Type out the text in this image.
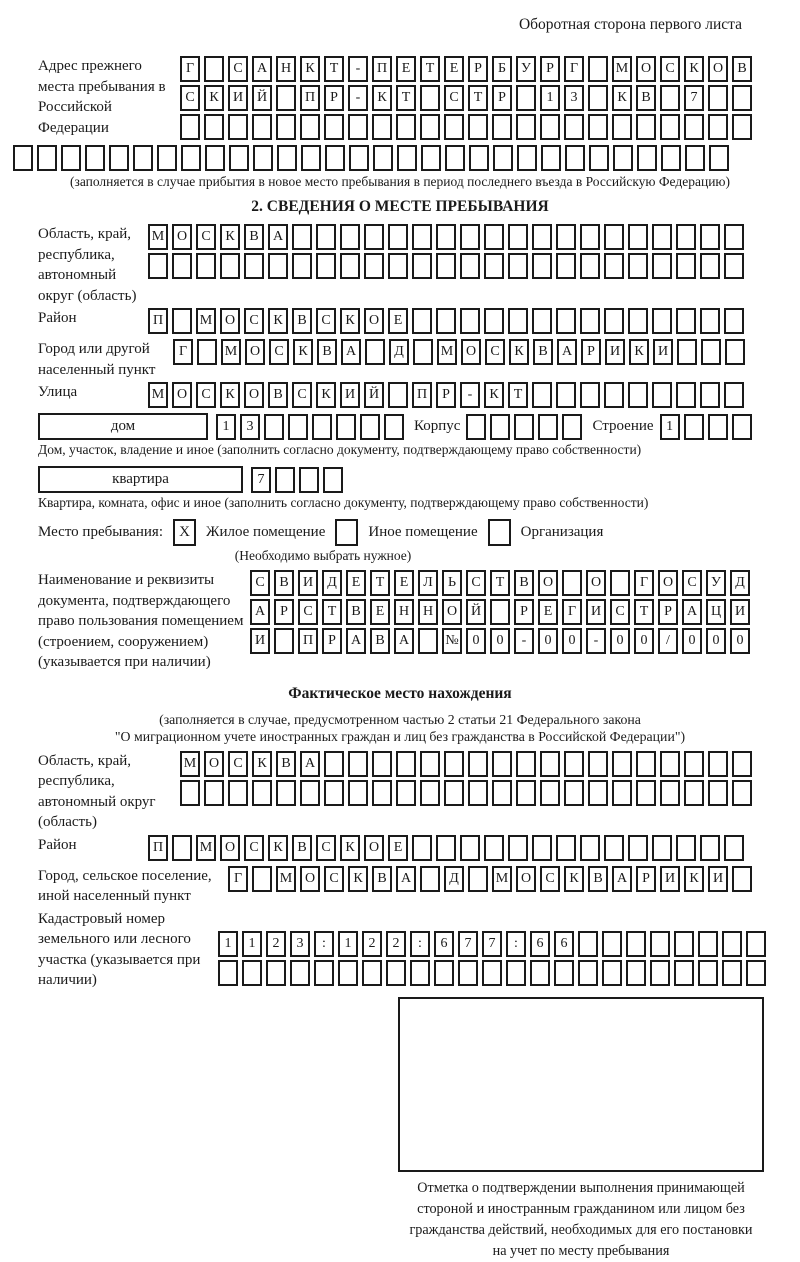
Оборотная сторона первого листа
Адрес прежнего места пребывания в Российской Федерации
Г	С	А Н	К	Т	-	П	Е	Т	Е	Р	Б	У	Р	Г	М О	С	К	О	В
С	К	И Й	П	Р	-	К	Т	С	Т	Р	1	3	К	В	7
(заполняется в случае прибытия в новое место пребывания в период последнего въезда в Российскую Федерацию)
2. СВЕДЕНИЯ О МЕСТЕ ПРЕБЫВАНИЯ
Область, край, республика, автономный округ (область)
М О	С	К	В	А
Район	П	М О	С	К	В	С	К	О	Е
Город или другой населенный пункт
Г	М О	С	К	В	А	Д	М О	С	К	В	А	Р	И	К	И
Улица	М О	С	К	О	В	С	К	И Й	П	Р	-	К	Т
дом	1	3	Корпус	Строение 1
Дом, участок, владение и иное (заполнить согласно документу, подтверждающему право собственности)
квартира	7
Квартира, комната, офис и иное (заполнить согласно документу, подтверждающему право собственности)
Место пребывания:	X	Жилое помещение	Иное помещение	Организация
(Необходимо выбрать нужное)
Наименование и реквизиты документа, подтверждающего право пользования помещением (строением, сооружением) (указывается при наличии)
С	В	И	Д	Е	Т	Е	Л	Ь	С	Т	В	О	О	Г	О	С	У	Д
А	Р	С	Т	В	Е	Н Н О Й	Р	Е	Г	И	С	Т	Р	А Ц И
И	П	Р	А	В	А	№ 0	0	-	0	0	-	0	0	/	0	0	0
Фактическое место нахождения
(заполняется в случае, предусмотренном частью 2 статьи 21 Федерального закона
"О миграционном учете иностранных граждан и лиц без гражданства в Российской Федерации")
Область, край, республика, автономный округ (область)
М О	С	К	В	А
Район	П	М О	С	К	В	С	К	О	Е
Город, сельское поселение, иной населенный пункт
Г	М О	С	К	В	А	Д	М О	С	К	В	А	Р	И	К	И
Кадастровый номер земельного или лесного участка (указывается при наличии)
1	1	2	3	:	1	2	2	:	6	7	7	:	6	6
Отметка о подтверждении выполнения принимающей
стороной и иностранным гражданином или лицом без
гражданства действий, необходимых для его постановки
на учет по месту пребывания
